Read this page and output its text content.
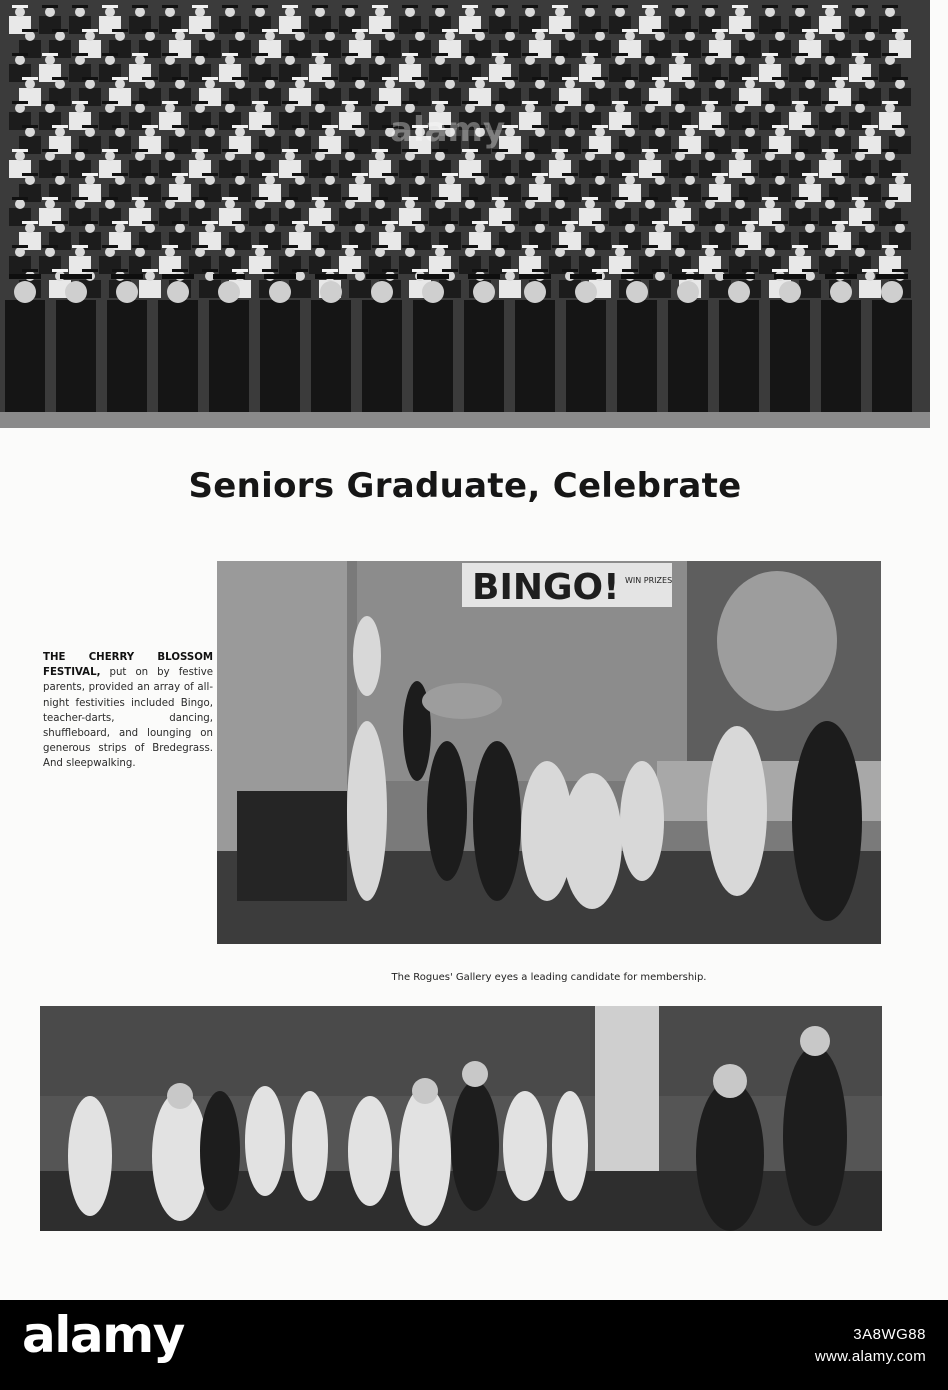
alamy
Seniors Graduate, Celebrate

THE CHERRY BLOSSOM FESTIVAL, put on by festive parents, provided an array of all-night festivities included Bingo, teacher-darts, dancing, shuffleboard, and lounging on generous strips of Bredegrass. And sleepwalking.

BINGO! WIN PRIZES

The Rogues' Gallery eyes a leading candidate for membership.

alamy	3A8WG88
www.alamy.com
